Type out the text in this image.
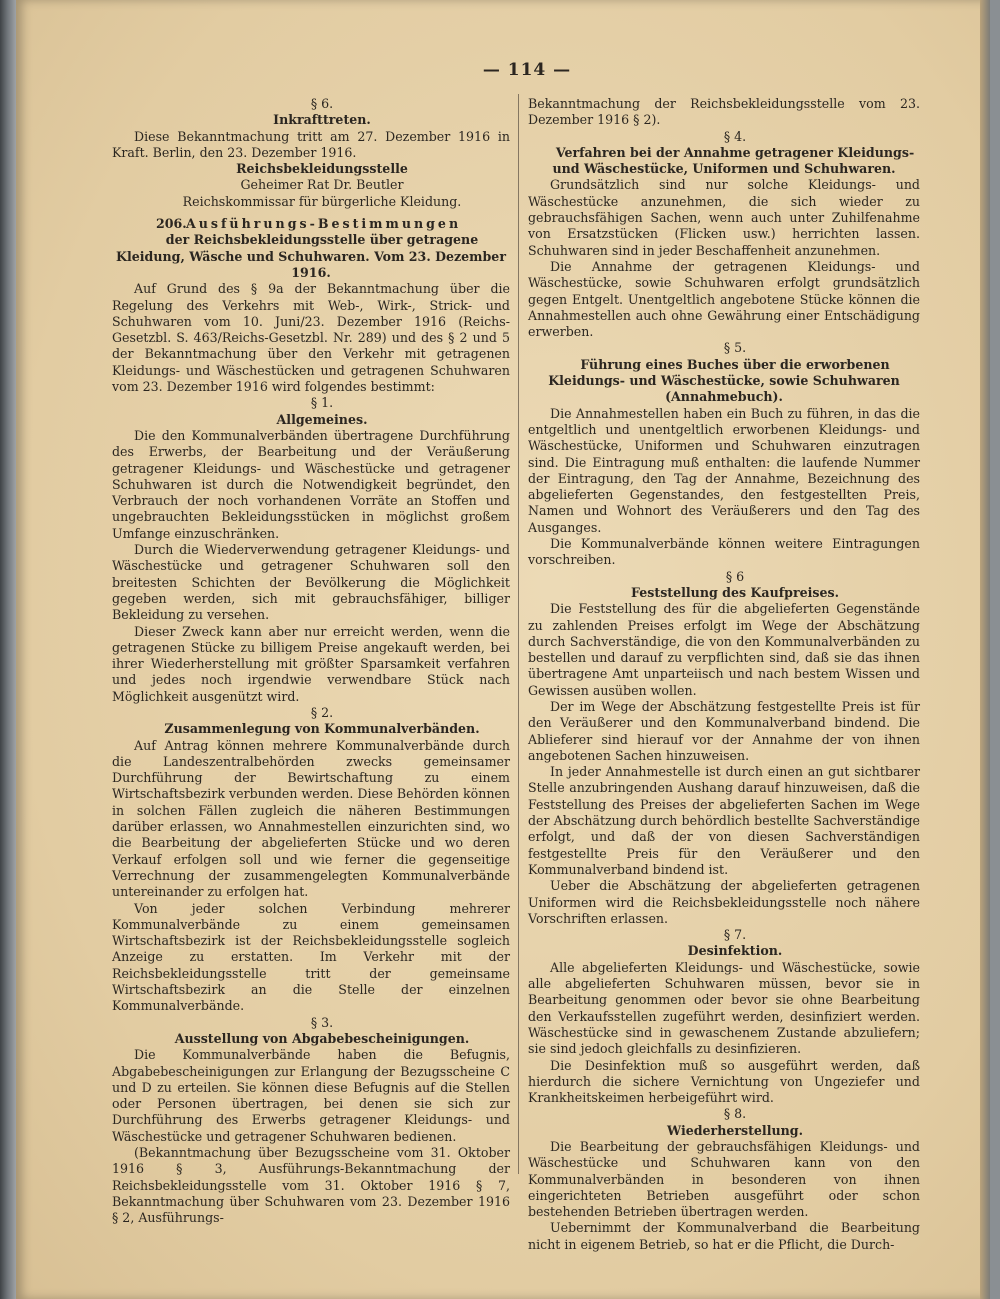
— 114 —

§ 6.

Inkrafttreten.

Diese Bekanntmachung tritt am 27. Dezember 1916 in Kraft. Berlin, den 23. Dezember 1916.

Reichsbekleidungsstelle

Geheimer Rat Dr. Beutler

Reichskommissar für bürgerliche Kleidung.

206.Ausführungs-Bestimmungen

der Reichsbekleidungsstelle über getragene Kleidung, Wäsche und Schuhwaren. Vom 23. Dezember 1916.

Auf Grund des § 9a der Bekanntmachung über die Regelung des Verkehrs mit Web-, Wirk-, Strick- und Schuhwaren vom 10. Juni/23. Dezember 1916 (Reichs-Gesetzbl. S. 463/Reichs-Gesetzbl. Nr. 289) und des § 2 und 5 der Bekanntmachung über den Verkehr mit getragenen Kleidungs- und Wäschestücken und getragenen Schuhwaren vom 23. Dezember 1916 wird folgendes bestimmt:

§ 1.

Allgemeines.

Die den Kommunalverbänden übertragene Durchführung des Erwerbs, der Bearbeitung und der Veräußerung getragener Kleidungs- und Wäschestücke und getragener Schuhwaren ist durch die Notwendigkeit begründet, den Verbrauch der noch vorhandenen Vorräte an Stoffen und ungebrauchten Bekleidungsstücken in möglichst großem Umfange einzuschränken.

Durch die Wiederverwendung getragener Kleidungs- und Wäschestücke und getragener Schuhwaren soll den breitesten Schichten der Bevölkerung die Möglichkeit gegeben werden, sich mit gebrauchsfähiger, billiger Bekleidung zu versehen.

Dieser Zweck kann aber nur erreicht werden, wenn die getragenen Stücke zu billigem Preise angekauft werden, bei ihrer Wiederherstellung mit größter Sparsamkeit verfahren und jedes noch irgendwie verwendbare Stück nach Möglichkeit ausgenützt wird.

§ 2.

Zusammenlegung von Kommunalverbänden.

Auf Antrag können mehrere Kommunalverbände durch die Landeszentralbehörden zwecks gemeinsamer Durchführung der Bewirtschaftung zu einem Wirtschaftsbezirk verbunden werden. Diese Behörden können in solchen Fällen zugleich die näheren Bestimmungen darüber erlassen, wo Annahmestellen einzurichten sind, wo die Bearbeitung der abgelieferten Stücke und wo deren Verkauf erfolgen soll und wie ferner die gegenseitige Verrechnung der zusammengelegten Kommunalverbände untereinander zu erfolgen hat.

Von jeder solchen Verbindung mehrerer Kommunalverbände zu einem gemeinsamen Wirtschaftsbezirk ist der Reichsbekleidungsstelle sogleich Anzeige zu erstatten. Im Verkehr mit der Reichsbekleidungsstelle tritt der gemeinsame Wirtschaftsbezirk an die Stelle der einzelnen Kommunalverbände.

§ 3.

Ausstellung von Abgabebescheinigungen.

Die Kommunalverbände haben die Befugnis, Abgabebescheinigungen zur Erlangung der Bezugsscheine C und D zu erteilen. Sie können diese Befugnis auf die Stellen oder Personen übertragen, bei denen sie sich zur Durchführung des Erwerbs getragener Kleidungs- und Wäschestücke und getragener Schuhwaren bedienen.

(Bekanntmachung über Bezugsscheine vom 31. Oktober 1916 § 3, Ausführungs-Bekanntmachung der Reichsbekleidungsstelle vom 31. Oktober 1916 § 7, Bekanntmachung über Schuhwaren vom 23. Dezember 1916 § 2, Ausführungs-

Bekanntmachung der Reichsbekleidungsstelle vom 23. Dezember 1916 § 2).

§ 4.

Verfahren bei der Annahme getragener Kleidungs- und Wäschestücke, Uniformen und Schuhwaren.

Grundsätzlich sind nur solche Kleidungs- und Wäschestücke anzunehmen, die sich wieder zu gebrauchsfähigen Sachen, wenn auch unter Zuhilfenahme von Ersatzstücken (Flicken usw.) herrichten lassen. Schuhwaren sind in jeder Beschaffenheit anzunehmen.

Die Annahme der getragenen Kleidungs- und Wäschestücke, sowie Schuhwaren erfolgt grundsätzlich gegen Entgelt. Unentgeltlich angebotene Stücke können die Annahmestellen auch ohne Gewährung einer Entschädigung erwerben.

§ 5.

Führung eines Buches über die erworbenen Kleidungs- und Wäschestücke, sowie Schuhwaren (Annahmebuch).

Die Annahmestellen haben ein Buch zu führen, in das die entgeltlich und unentgeltlich erworbenen Kleidungs- und Wäschestücke, Uniformen und Schuhwaren einzutragen sind. Die Eintragung muß enthalten: die laufende Nummer der Eintragung, den Tag der Annahme, Bezeichnung des abgelieferten Gegenstandes, den festgestellten Preis, Namen und Wohnort des Veräußerers und den Tag des Ausganges.

Die Kommunalverbände können weitere Eintragungen vorschreiben.

§ 6

Feststellung des Kaufpreises.

Die Feststellung des für die abgelieferten Gegenstände zu zahlenden Preises erfolgt im Wege der Abschätzung durch Sachverständige, die von den Kommunalverbänden zu bestellen und darauf zu verpflichten sind, daß sie das ihnen übertragene Amt unparteiisch und nach bestem Wissen und Gewissen ausüben wollen.

Der im Wege der Abschätzung festgestellte Preis ist für den Veräußerer und den Kommunalverband bindend. Die Ablieferer sind hierauf vor der Annahme der von ihnen angebotenen Sachen hinzuweisen.

In jeder Annahmestelle ist durch einen an gut sichtbarer Stelle anzubringenden Aushang darauf hinzuweisen, daß die Feststellung des Preises der abgelieferten Sachen im Wege der Abschätzung durch behördlich bestellte Sachverständige erfolgt, und daß der von diesen Sachverständigen festgestellte Preis für den Veräußerer und den Kommunalverband bindend ist.

Ueber die Abschätzung der abgelieferten getragenen Uniformen wird die Reichsbekleidungsstelle noch nähere Vorschriften erlassen.

§ 7.

Desinfektion.

Alle abgelieferten Kleidungs- und Wäschestücke, sowie alle abgelieferten Schuhwaren müssen, bevor sie in Bearbeitung genommen oder bevor sie ohne Bearbeitung den Verkaufsstellen zugeführt werden, desinfiziert werden. Wäschestücke sind in gewaschenem Zustande abzuliefern; sie sind jedoch gleichfalls zu desinfizieren.

Die Desinfektion muß so ausgeführt werden, daß hierdurch die sichere Vernichtung von Ungeziefer und Krankheitskeimen herbeigeführt wird.

§ 8.

Wiederherstellung.

Die Bearbeitung der gebrauchsfähigen Kleidungs- und Wäschestücke und Schuhwaren kann von den Kommunalverbänden in besonderen von ihnen eingerichteten Betrieben ausgeführt oder schon bestehenden Betrieben übertragen werden.

Uebernimmt der Kommunalverband die Bearbeitung nicht in eigenem Betrieb, so hat er die Pflicht, die Durch-
